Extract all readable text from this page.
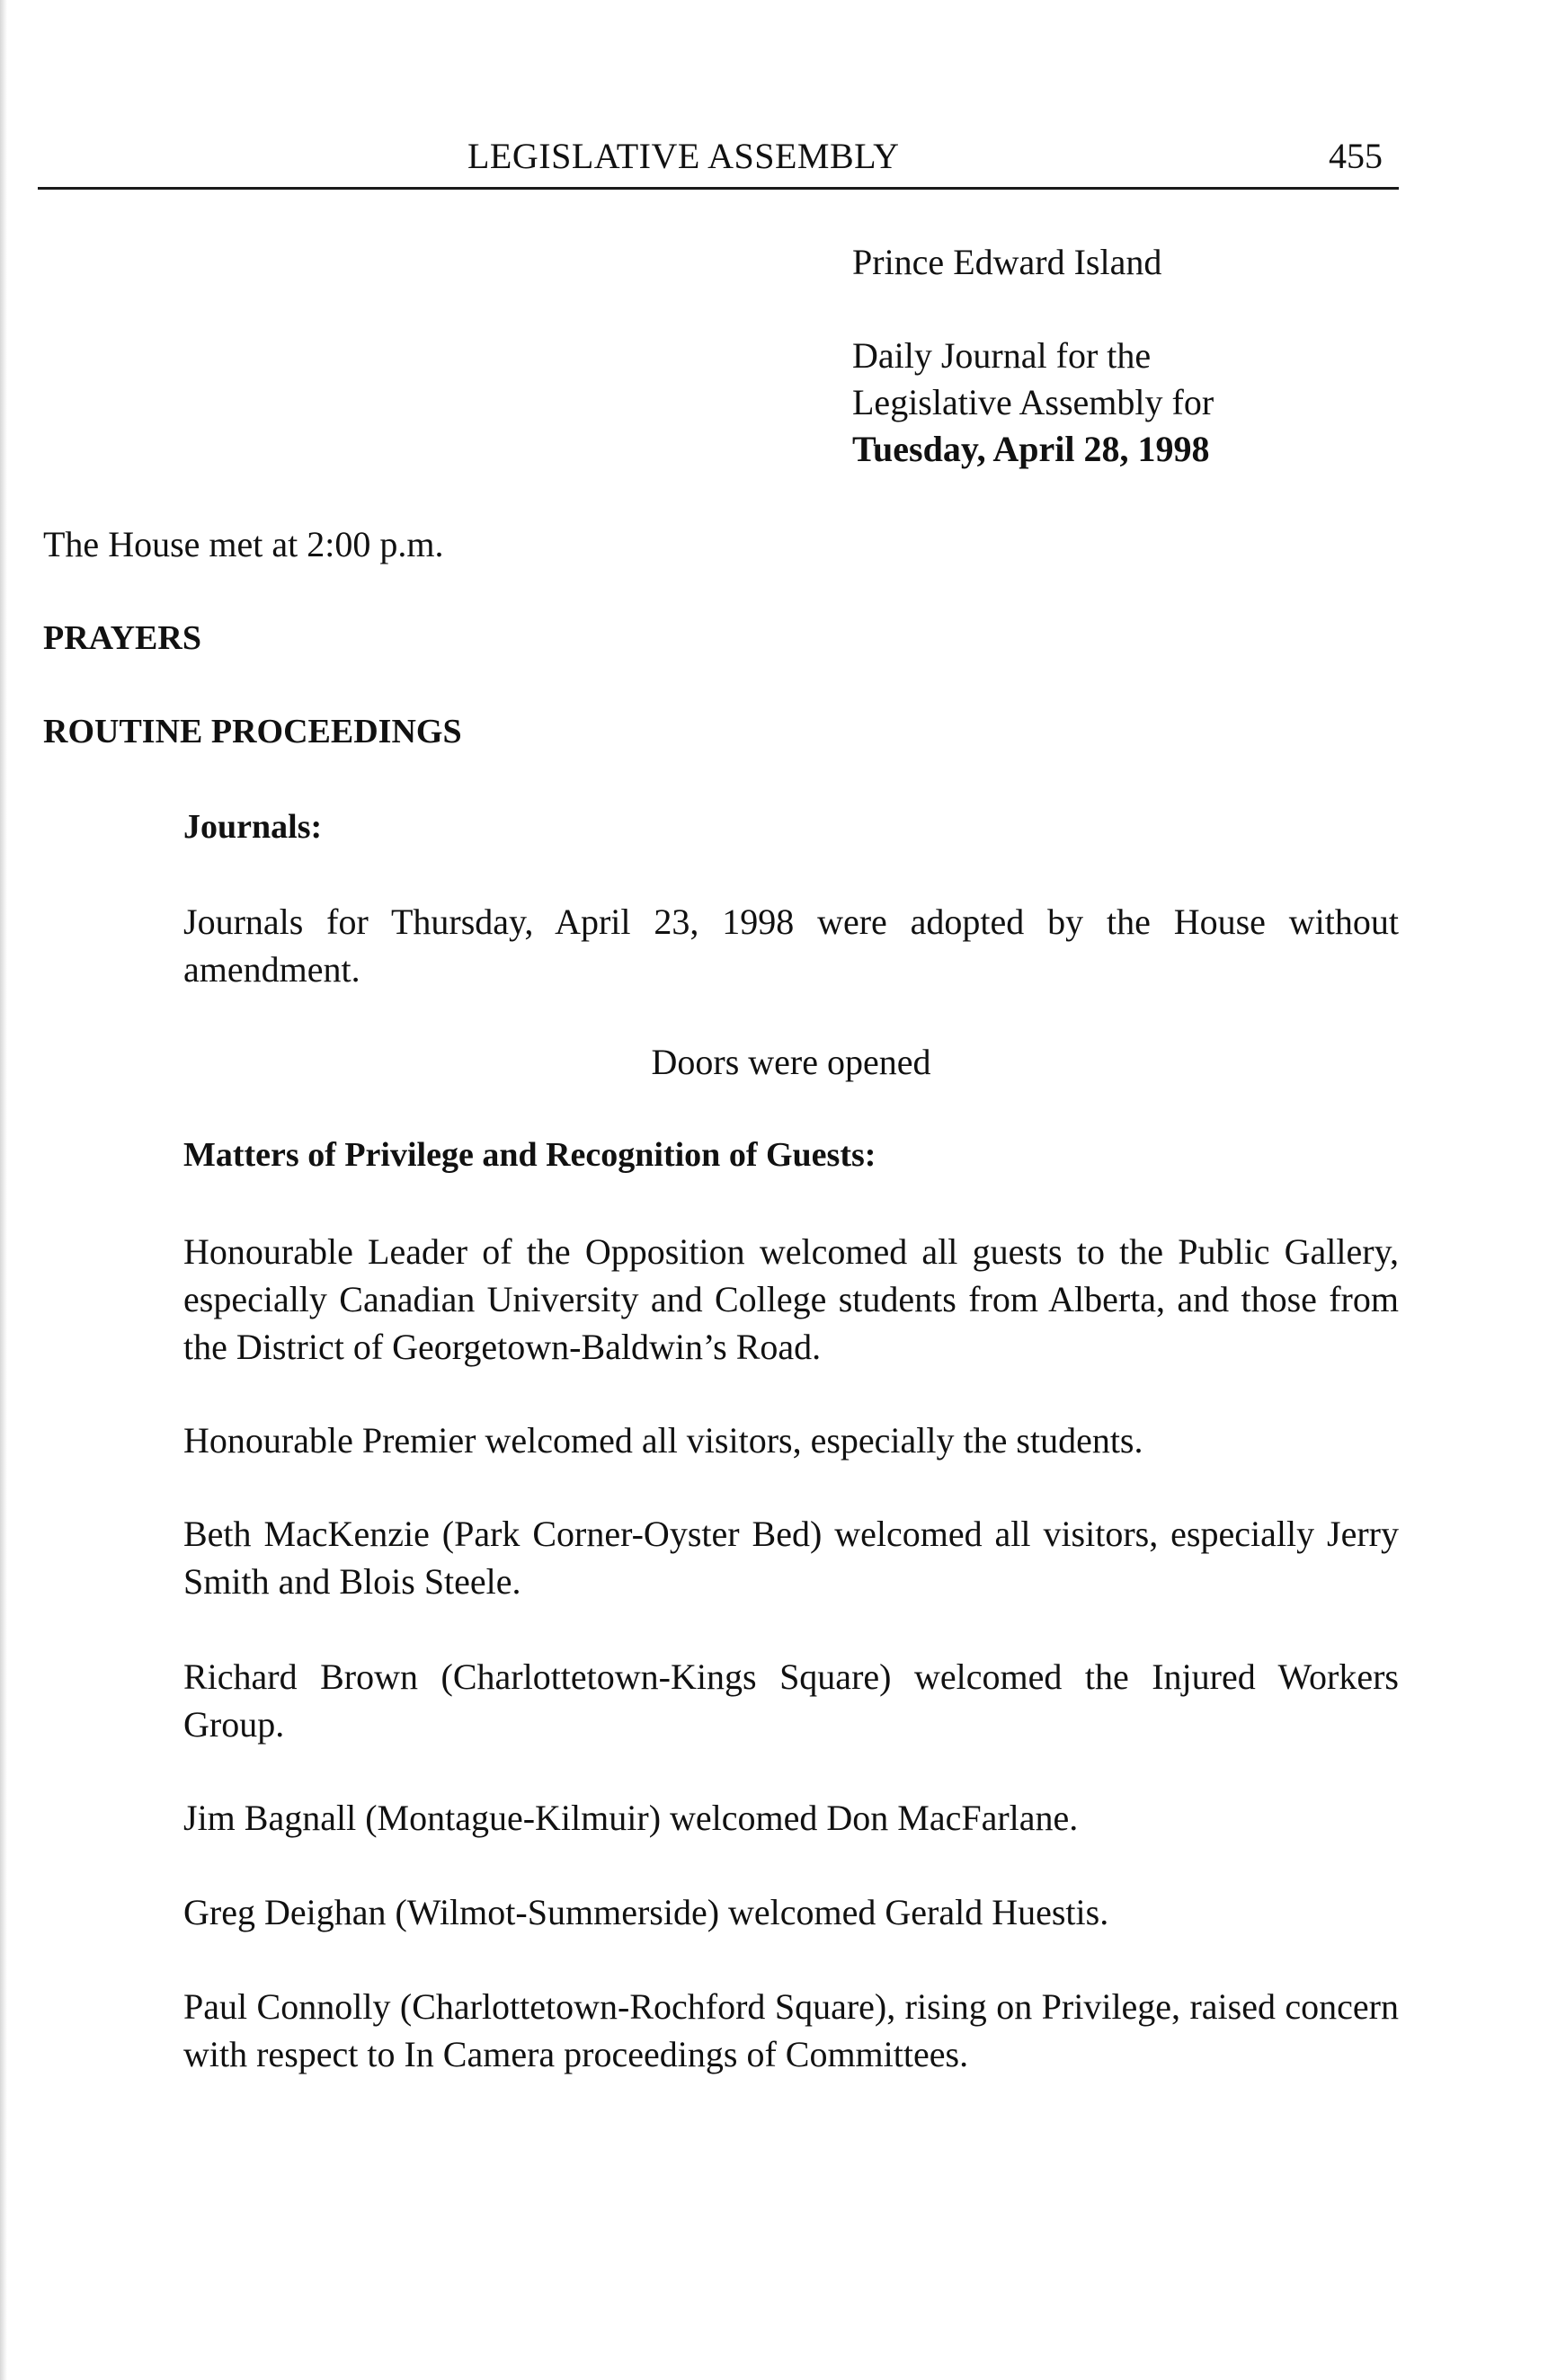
LEGISLATIVE ASSEMBLY	455
Prince Edward Island
Daily Journal for the
Legislative Assembly for
Tuesday, April 28, 1998
The House met at 2:00 p.m.
PRAYERS
ROUTINE PROCEEDINGS
Journals:
Journals for Thursday, April 23, 1998 were adopted by the House without amendment.
Doors were opened
Matters of Privilege and Recognition of Guests:
Honourable Leader of the Opposition welcomed all guests to the Public Gallery, especially Canadian University and College students from Alberta, and those from the District of Georgetown-Baldwin’s Road.
Honourable Premier welcomed all visitors, especially the students.
Beth MacKenzie (Park Corner-Oyster Bed) welcomed all visitors, especially Jerry Smith and Blois Steele.
Richard Brown (Charlottetown-Kings Square) welcomed the Injured Workers Group.
Jim Bagnall (Montague-Kilmuir) welcomed Don MacFarlane.
Greg Deighan (Wilmot-Summerside) welcomed Gerald Huestis.
Paul Connolly (Charlottetown-Rochford Square), rising on Privilege, raised concern with respect to In Camera proceedings of Committees.
